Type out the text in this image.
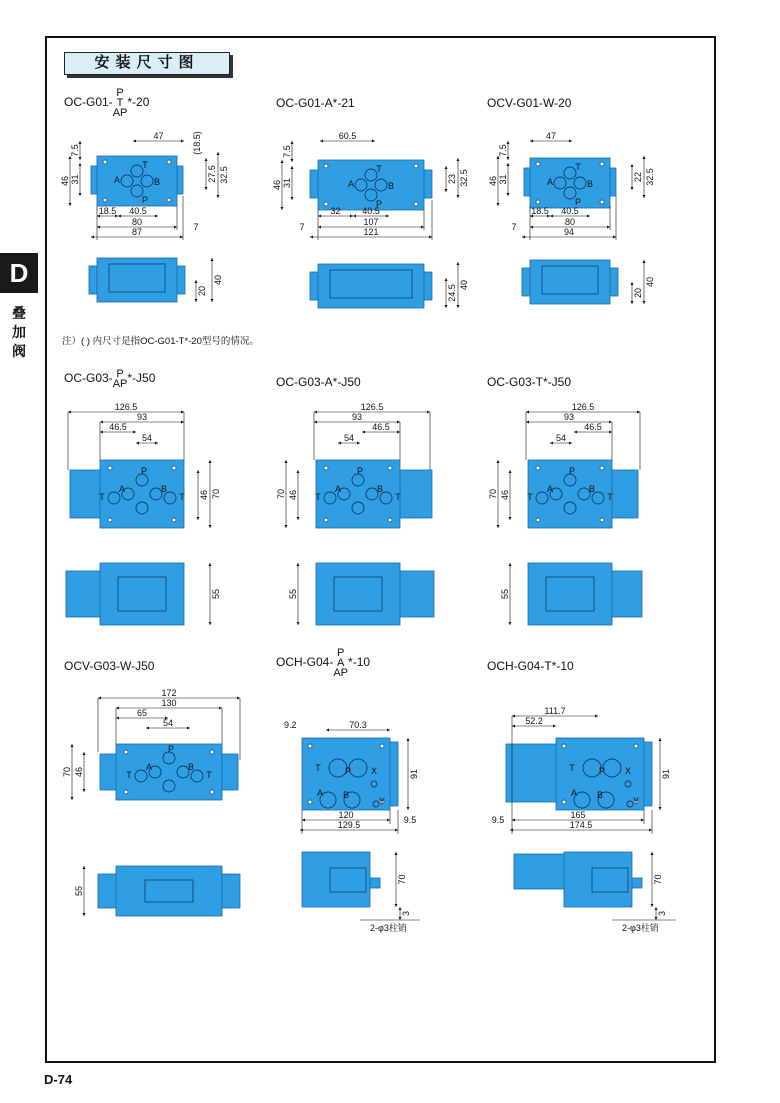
安装尺寸图
D
叠加阀
OC-G01-P
T
AP*-20	OC-G01-A*-21	OCV-G01-W-20
OC-G03- P
AP*-J50	OC-G03-A*-J50	OC-G03-T*-J50
OCV-G03-W-J50	OCH-G04-P
A
AP*-10	OCH-G04-T*-10
注）( ) 内尺寸是指OC-G01-T*-20型号的情况。
D-74
T
A	B
P
47	(18.5)
7.5
46 31	27.5 32.5
18.5 40.5
80
87	7
20
40
T
A	B
P
60.5
7.5
46 31	23 32.5
7
32 40.5
107
121
24.5 40
T
A	B
P
47
7.5
46 31	22 32.5
18.5 40.5
7	80
94
20
40
P
A	B
T	T
126.5
93
46.5
54
46 70
55
P
A	B
T	T
126.5
93
46.5
54
70 46
55
P
A	B
T	T
126.5
93
46.5
54
70 46
55
P
A	B
T	T
172
130
65
54
70 46
55
T	P X
A B
Y
9.2	70.3
91
120
129.5	9.5
70
3
2-φ3柱销
T	P X
A B
Y
111.7
52.2
91
9.5	165
174.5
70
3
2-φ3柱销
